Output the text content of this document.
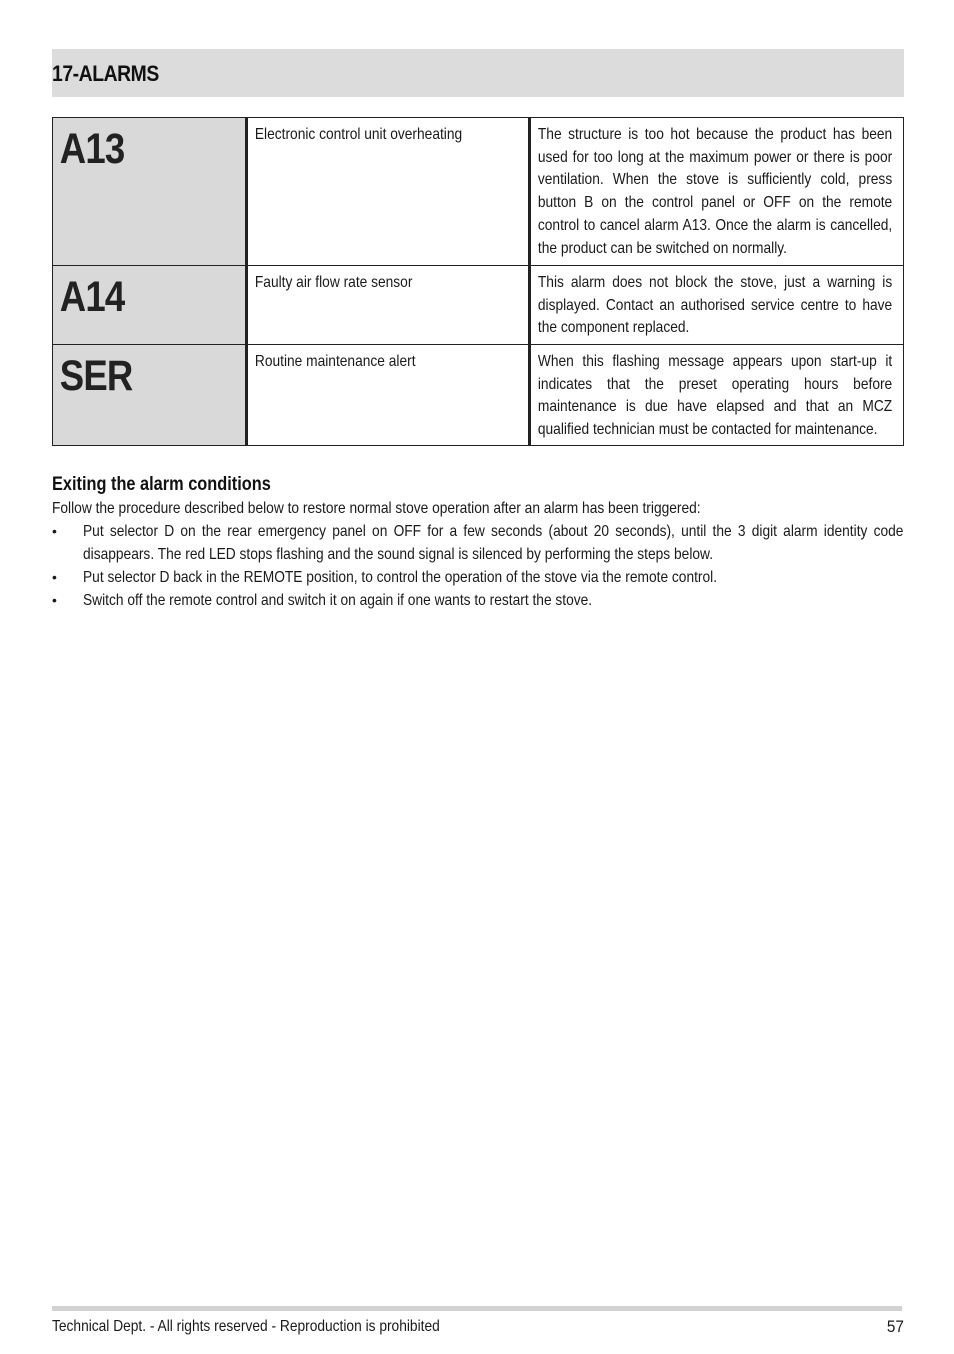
17-ALARMS
A13	Electronic control unit overheating	The structure is too hot because the product has been used for too long at the maximum power or there is poor ventilation. When the stove is sufficiently cold, press button B on the control panel or OFF on the remote control to cancel alarm A13. Once the alarm is cancelled, the product can be switched on normally.

A14	Faulty air flow rate sensor	This alarm does not block the stove, just a warning is displayed. Contact an authorised service centre to have the component replaced.

SER	Routine maintenance alert	When this flashing message appears upon start-up it indicates that the preset operating hours before maintenance is due have elapsed and that an MCZ qualified technician must be contacted for maintenance.
Exiting the alarm conditions
Follow the procedure described below to restore normal stove operation after an alarm has been triggered:
• Put selector D on the rear emergency panel on OFF for a few seconds (about 20 seconds), until the 3 digit alarm identity code disappears. The red LED stops flashing and the sound signal is silenced by performing the steps below.
• Put selector D back in the REMOTE position, to control the operation of the stove via the remote control.
• Switch off the remote control and switch it on again if one wants to restart the stove.
Technical Dept. - All rights reserved - Reproduction is prohibited	57
